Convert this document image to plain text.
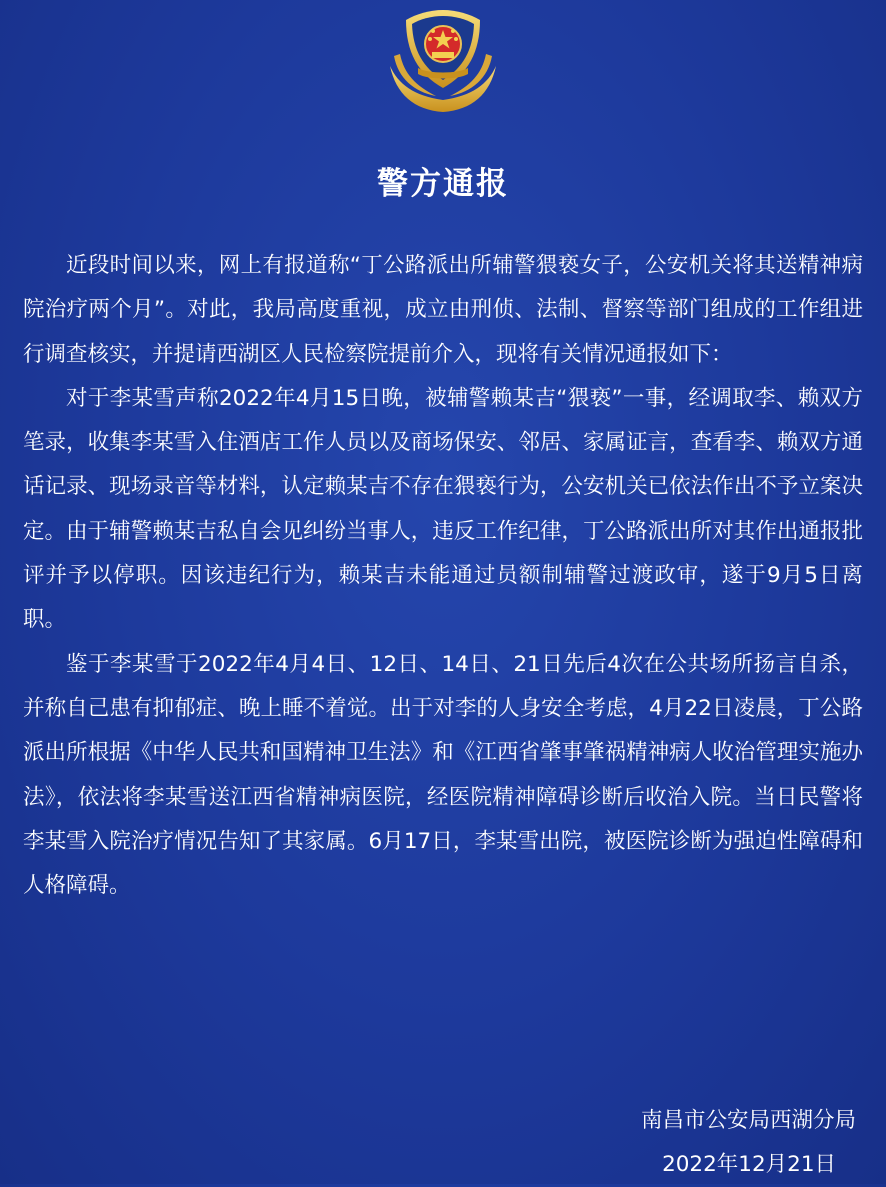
警方通报

近段时间以来，网上有报道称“丁公路派出所辅警猥亵女子，公安机关将其送精神病院治疗两个月”。对此，我局高度重视，成立由刑侦、法制、督察等部门组成的工作组进行调查核实，并提请西湖区人民检察院提前介入，现将有关情况通报如下：

对于李某雪声称2022年4月15日晚，被辅警赖某吉“猥亵”一事，经调取李、赖双方笔录，收集李某雪入住酒店工作人员以及商场保安、邻居、家属证言，查看李、赖双方通话记录、现场录音等材料，认定赖某吉不存在猥亵行为，公安机关已依法作出不予立案决定。由于辅警赖某吉私自会见纠纷当事人，违反工作纪律，丁公路派出所对其作出通报批评并予以停职。因该违纪行为，赖某吉未能通过员额制辅警过渡政审，遂于9月5日离职。

鉴于李某雪于2022年4月4日、12日、14日、21日先后4次在公共场所扬言自杀，并称自己患有抑郁症、晚上睡不着觉。出于对李的人身安全考虑，4月22日凌晨，丁公路派出所根据《中华人民共和国精神卫生法》和《江西省肇事肇祸精神病人收治管理实施办法》，依法将李某雪送江西省精神病医院，经医院精神障碍诊断后收治入院。当日民警将李某雪入院治疗情况告知了其家属。6月17日，李某雪出院，被医院诊断为强迫性障碍和人格障碍。

南昌市公安局西湖分局
2022年12月21日
